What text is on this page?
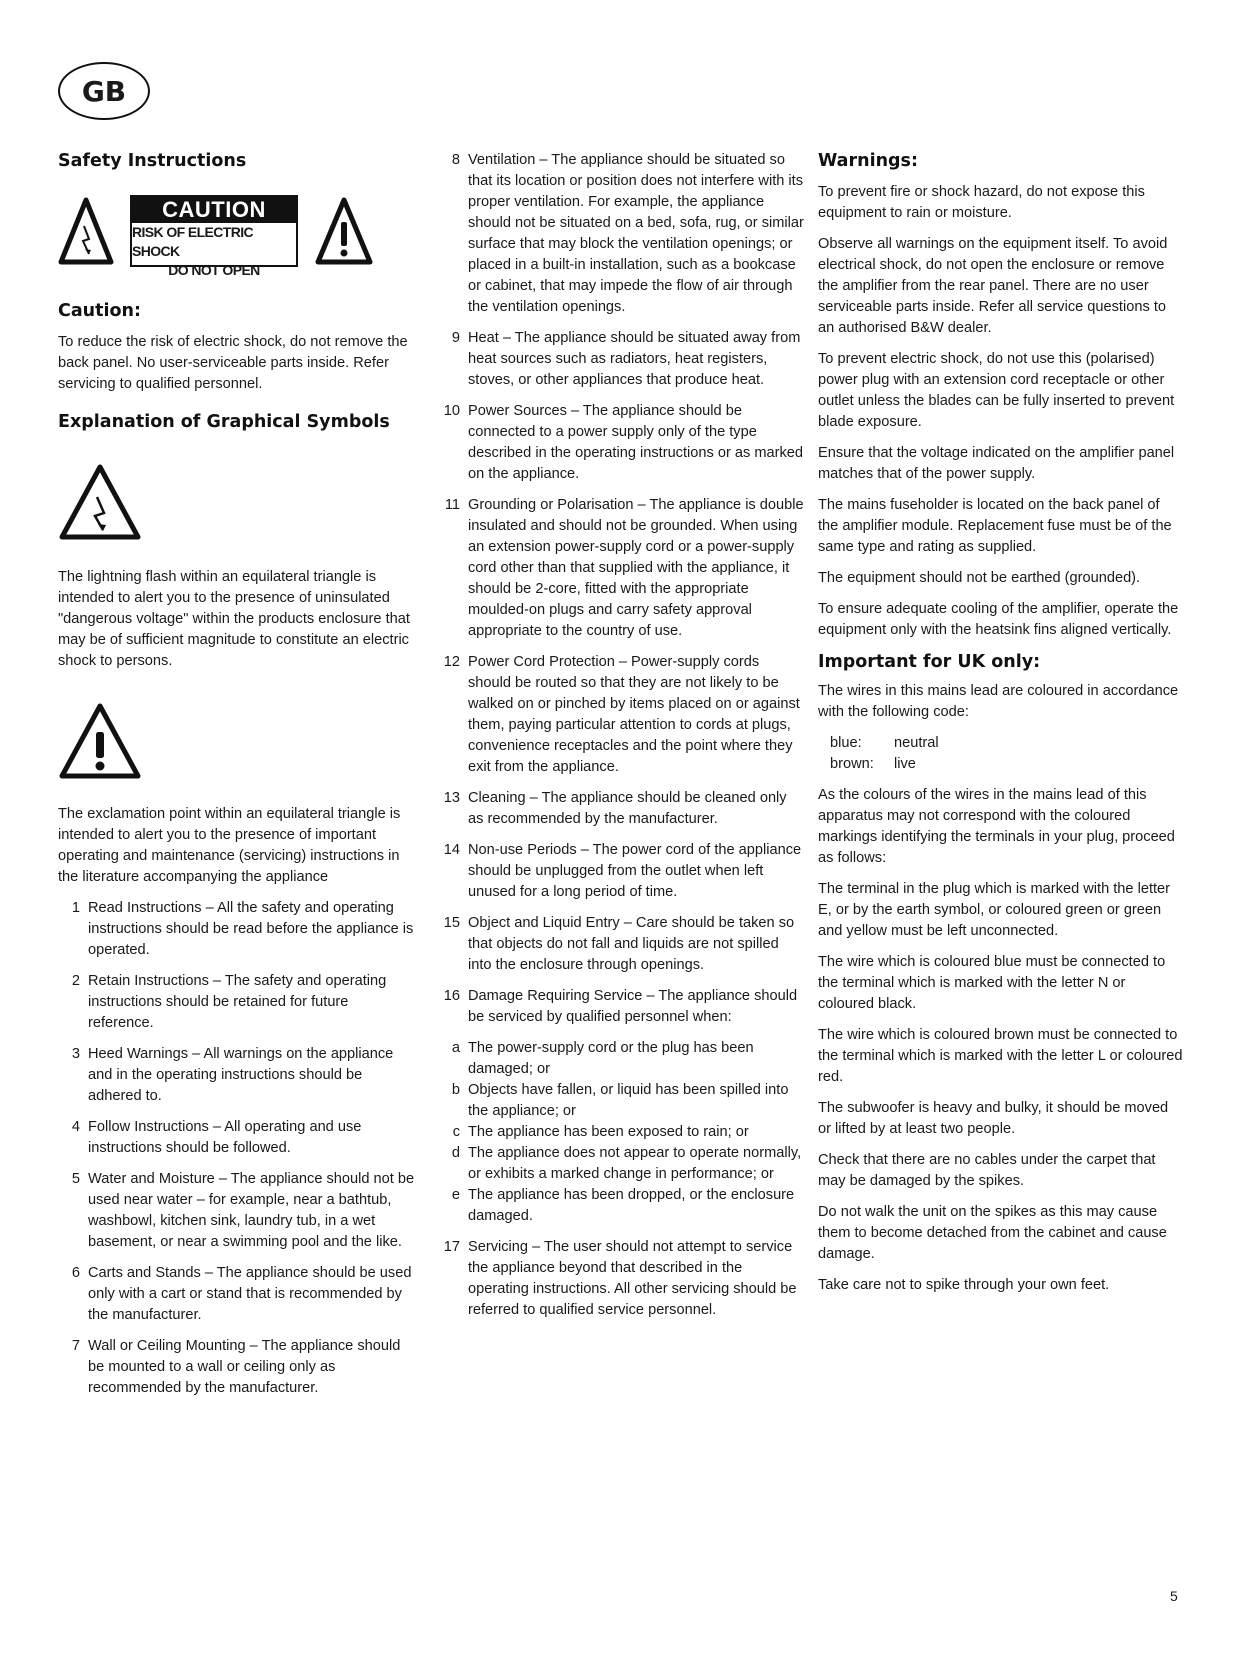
GB
Safety Instructions
CAUTION
RISK OF ELECTRIC SHOCK
DO NOT OPEN
Caution:

To reduce the risk of electric shock, do not remove the back panel. No user-serviceable parts inside. Refer servicing to qualified personnel.

Explanation of Graphical Symbols

The lightning flash within an equilateral triangle is intended to alert you to the presence of uninsulated "dangerous voltage" within the products enclosure that may be of sufficient magnitude to constitute an electric shock to persons.

The exclamation point within an equilateral triangle is intended to alert you to the presence of important operating and maintenance (servicing) instructions in the literature accompanying the appliance

1 Read Instructions – All the safety and operating instructions should be read before the appliance is operated.
2 Retain Instructions – The safety and operating instructions should be retained for future reference.
3 Heed Warnings – All warnings on the appliance and in the operating instructions should be adhered to.
4 Follow Instructions – All operating and use instructions should be followed.
5 Water and Moisture – The appliance should not be used near water – for example, near a bathtub, washbowl, kitchen sink, laundry tub, in a wet basement, or near a swimming pool and the like.
6 Carts and Stands – The appliance should be used only with a cart or stand that is recommended by the manufacturer.
7 Wall or Ceiling Mounting – The appliance should be mounted to a wall or ceiling only as recommended by the manufacturer.
8 Ventilation – The appliance should be situated so that its location or position does not interfere with its proper ventilation. For example, the appliance should not be situated on a bed, sofa, rug, or similar surface that may block the ventilation openings; or placed in a built-in installation, such as a bookcase or cabinet, that may impede the flow of air through the ventilation openings.
9 Heat – The appliance should be situated away from heat sources such as radiators, heat registers, stoves, or other appliances that produce heat.
10 Power Sources – The appliance should be connected to a power supply only of the type described in the operating instructions or as marked on the appliance.
11 Grounding or Polarisation – The appliance is double insulated and should not be grounded. When using an extension power-supply cord or a power-supply cord other than that supplied with the appliance, it should be 2-core, fitted with the appropriate moulded-on plugs and carry safety approval appropriate to the country of use.
12 Power Cord Protection – Power-supply cords should be routed so that they are not likely to be walked on or pinched by items placed on or against them, paying particular attention to cords at plugs, convenience receptacles and the point where they exit from the appliance.
13 Cleaning – The appliance should be cleaned only as recommended by the manufacturer.
14 Non-use Periods – The power cord of the appliance should be unplugged from the outlet when left unused for a long period of time.
15 Object and Liquid Entry – Care should be taken so that objects do not fall and liquids are not spilled into the enclosure through openings.
16 Damage Requiring Service – The appliance should be serviced by qualified personnel when:
a The power-supply cord or the plug has been damaged; or
b Objects have fallen, or liquid has been spilled into the appliance; or
c The appliance has been exposed to rain; or
d The appliance does not appear to operate normally, or exhibits a marked change in performance; or
e The appliance has been dropped, or the enclosure damaged.
17 Servicing – The user should not attempt to service the appliance beyond that described in the operating instructions. All other servicing should be referred to qualified service personnel.
Warnings:

To prevent fire or shock hazard, do not expose this equipment to rain or moisture.

Observe all warnings on the equipment itself. To avoid electrical shock, do not open the enclosure or remove the amplifier from the rear panel. There are no user serviceable parts inside. Refer all service questions to an authorised B&W dealer.

To prevent electric shock, do not use this (polarised) power plug with an extension cord receptacle or other outlet unless the blades can be fully inserted to prevent blade exposure.

Ensure that the voltage indicated on the amplifier panel matches that of the power supply.

The mains fuseholder is located on the back panel of the amplifier module. Replacement fuse must be of the same type and rating as supplied.

The equipment should not be earthed (grounded).

To ensure adequate cooling of the amplifier, operate the equipment only with the heatsink fins aligned vertically.

Important for UK only:

The wires in this mains lead are coloured in accordance with the following code:

blue:	neutral
brown:	live

As the colours of the wires in the mains lead of this apparatus may not correspond with the coloured markings identifying the terminals in your plug, proceed as follows:

The terminal in the plug which is marked with the letter E, or by the earth symbol, or coloured green or green and yellow must be left unconnected.

The wire which is coloured blue must be connected to the terminal which is marked with the letter N or coloured black.

The wire which is coloured brown must be connected to the terminal which is marked with the letter L or coloured red.

The subwoofer is heavy and bulky, it should be moved or lifted by at least two people.

Check that there are no cables under the carpet that may be damaged by the spikes.

Do not walk the unit on the spikes as this may cause them to become detached from the cabinet and cause damage.

Take care not to spike through your own feet.

5
